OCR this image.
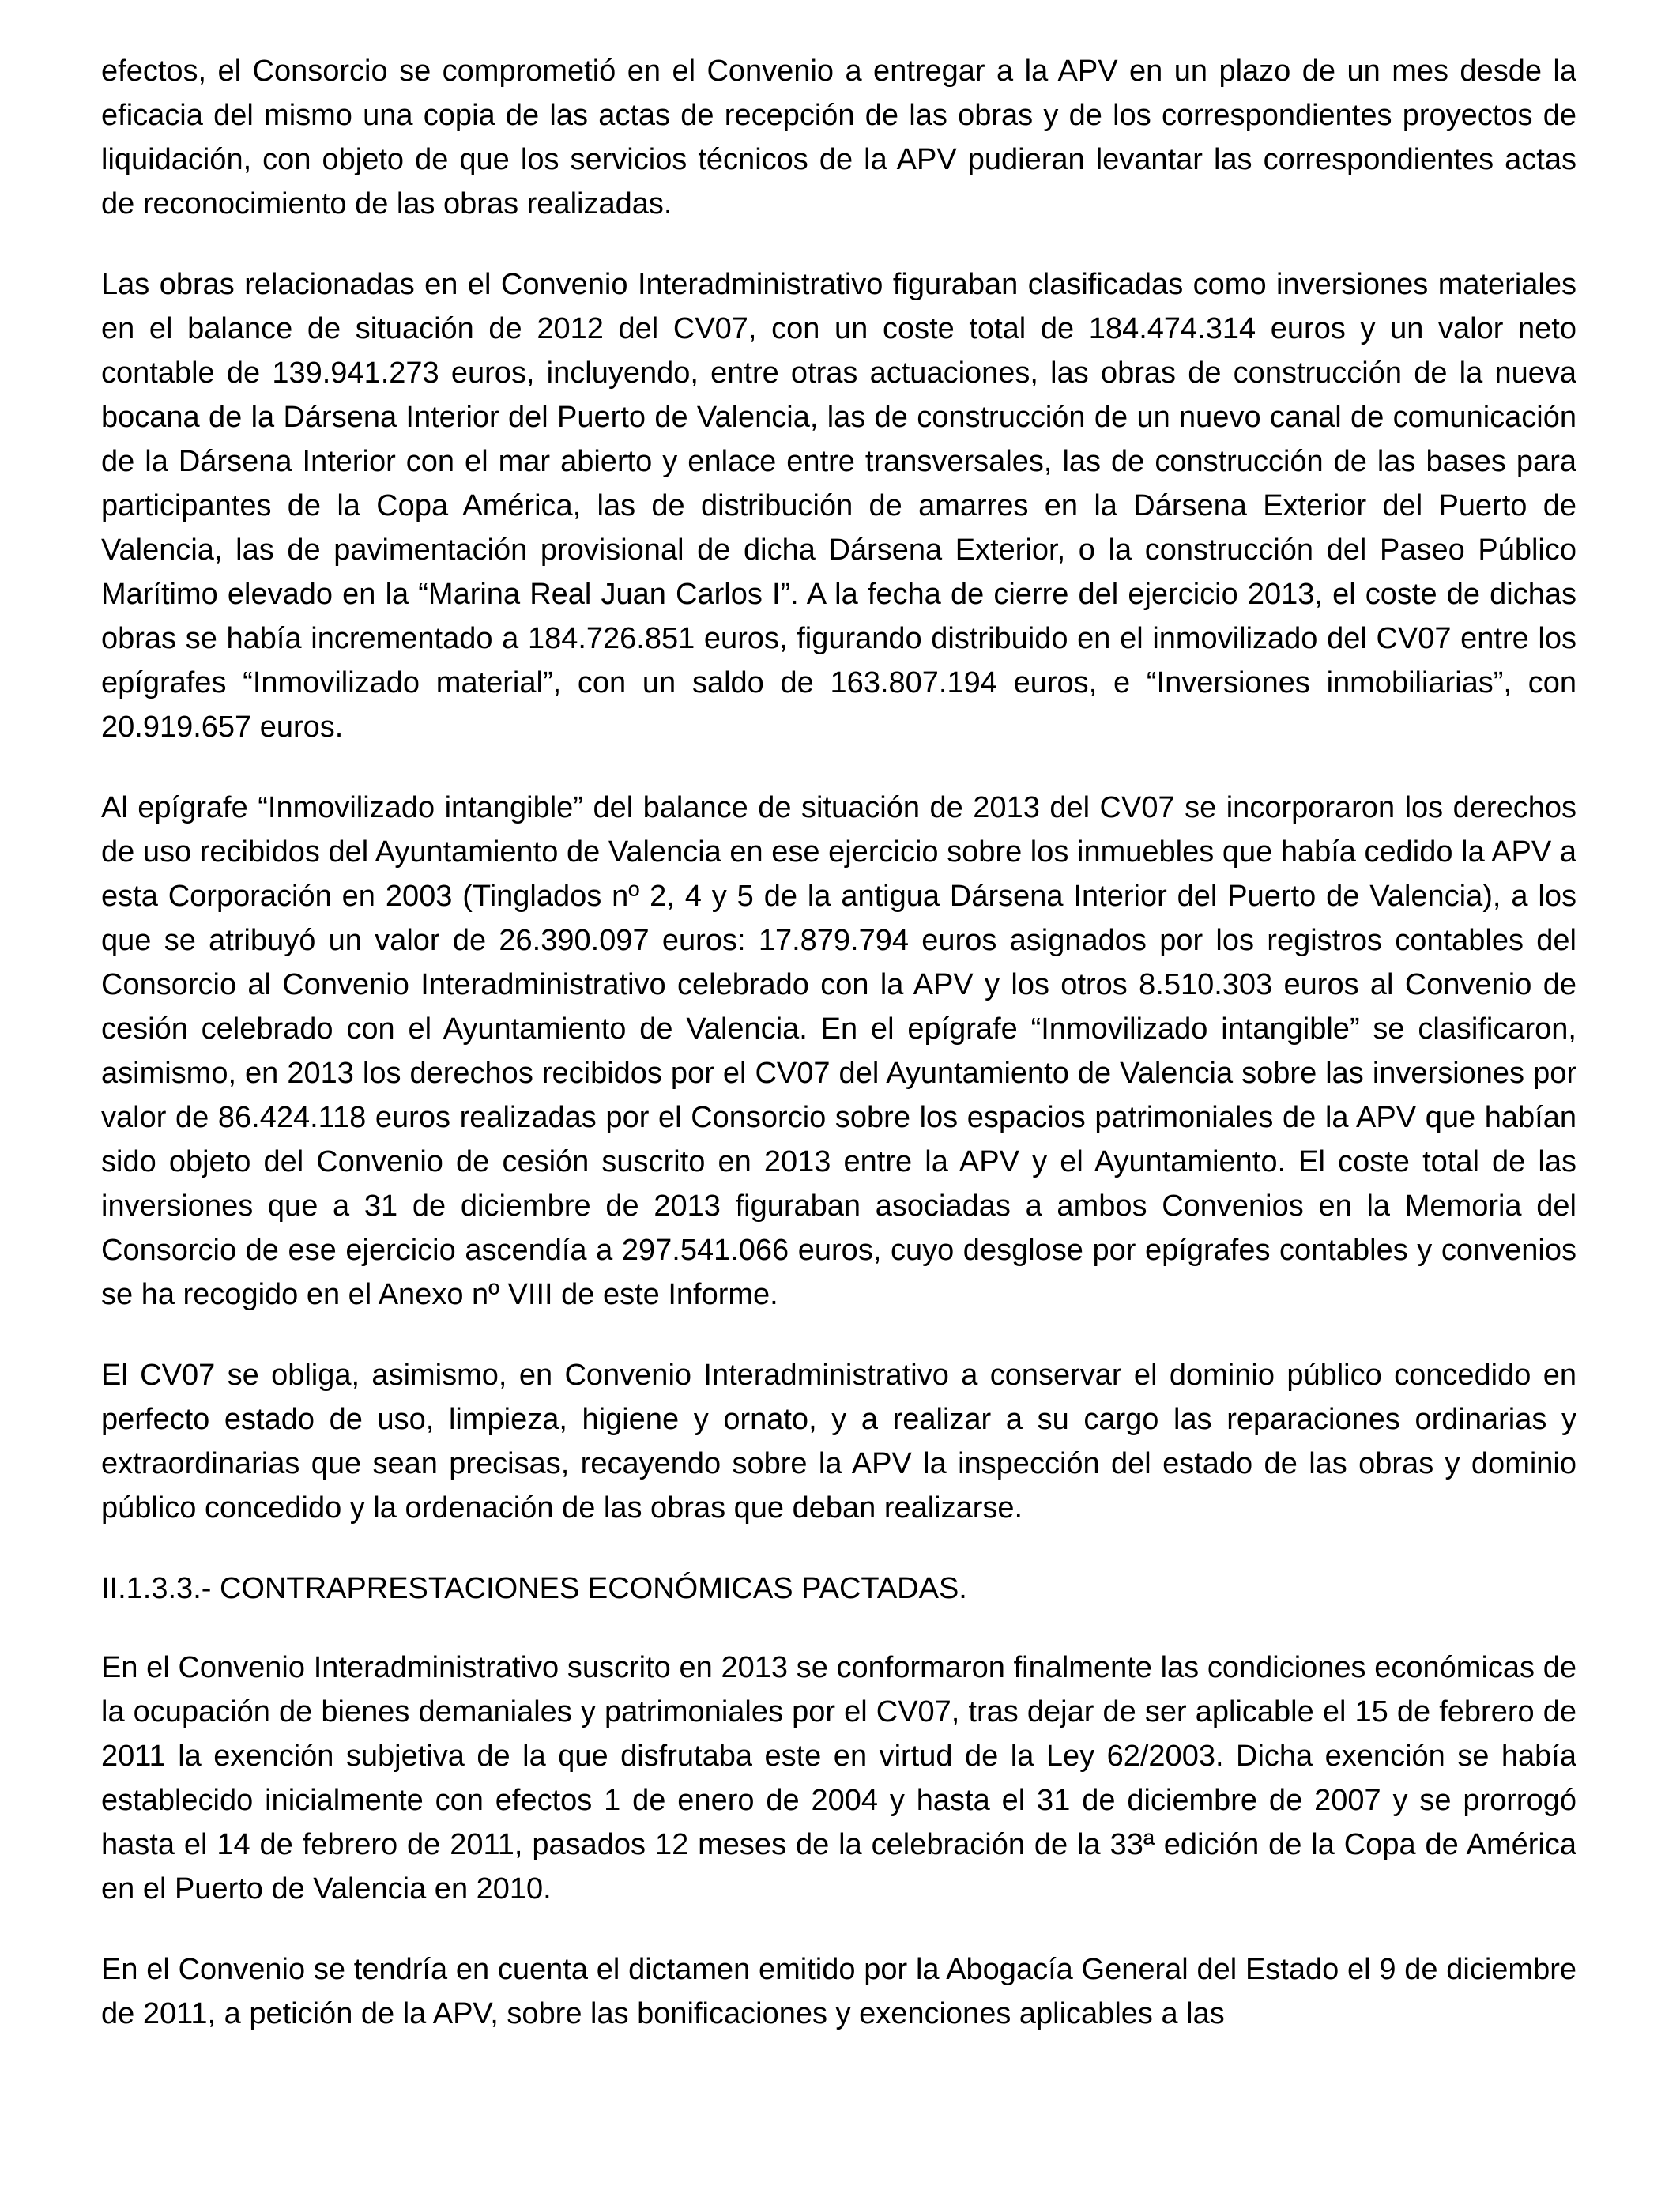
efectos, el Consorcio se comprometió en el Convenio a entregar a la APV en un plazo de un mes desde la eficacia del mismo una copia de las actas de recepción de las obras y de los correspondientes proyectos de liquidación, con objeto de que los servicios técnicos de la APV pudieran levantar las correspondientes actas de reconocimiento de las obras realizadas.

Las obras relacionadas en el Convenio Interadministrativo figuraban clasificadas como inversiones materiales en el balance de situación de 2012 del CV07, con un coste total de 184.474.314 euros y un valor neto contable de 139.941.273 euros, incluyendo, entre otras actuaciones, las obras de construcción de la nueva bocana de la Dársena Interior del Puerto de Valencia, las de construcción de un nuevo canal de comunicación de la Dársena Interior con el mar abierto y enlace entre transversales, las de construcción de las bases para participantes de la Copa América, las de distribución de amarres en la Dársena Exterior del Puerto de Valencia, las de pavimentación provisional de dicha Dársena Exterior, o la construcción del Paseo Público Marítimo elevado en la “Marina Real Juan Carlos I”. A la fecha de cierre del ejercicio 2013, el coste de dichas obras se había incrementado a 184.726.851 euros, figurando distribuido en el inmovilizado del CV07 entre los epígrafes “Inmovilizado material”, con un saldo de 163.807.194 euros, e “Inversiones inmobiliarias”, con 20.919.657 euros.

Al epígrafe “Inmovilizado intangible” del balance de situación de 2013 del CV07 se incorporaron los derechos de uso recibidos del Ayuntamiento de Valencia en ese ejercicio sobre los inmuebles que había cedido la APV a esta Corporación en 2003 (Tinglados nº 2, 4 y 5 de la antigua Dársena Interior del Puerto de Valencia), a los que se atribuyó un valor de 26.390.097 euros: 17.879.794 euros asignados por los registros contables del Consorcio al Convenio Interadministrativo celebrado con la APV y los otros 8.510.303 euros al Convenio de cesión celebrado con el Ayuntamiento de Valencia. En el epígrafe “Inmovilizado intangible” se clasificaron, asimismo, en 2013 los derechos recibidos por el CV07 del Ayuntamiento de Valencia sobre las inversiones por valor de 86.424.118 euros realizadas por el Consorcio sobre los espacios patrimoniales de la APV que habían sido objeto del Convenio de cesión suscrito en 2013 entre la APV y el Ayuntamiento. El coste total de las inversiones que a 31 de diciembre de 2013 figuraban asociadas a ambos Convenios en la Memoria del Consorcio de ese ejercicio ascendía a 297.541.066 euros, cuyo desglose por epígrafes contables y convenios se ha recogido en el Anexo nº VIII de este Informe.

El CV07 se obliga, asimismo, en Convenio Interadministrativo a conservar el dominio público concedido en perfecto estado de uso, limpieza, higiene y ornato, y a realizar a su cargo las reparaciones ordinarias y extraordinarias que sean precisas, recayendo sobre la APV la inspección del estado de las obras y dominio público concedido y la ordenación de las obras que deban realizarse.

II.1.3.3.- CONTRAPRESTACIONES ECONÓMICAS PACTADAS.

En el Convenio Interadministrativo suscrito en 2013 se conformaron finalmente las condiciones económicas de la ocupación de bienes demaniales y patrimoniales por el CV07, tras dejar de ser aplicable el 15 de febrero de 2011 la exención subjetiva de la que disfrutaba este en virtud de la Ley 62/2003. Dicha exención se había establecido inicialmente con efectos 1 de enero de 2004 y hasta el 31 de diciembre de 2007 y se prorrogó hasta el 14 de febrero de 2011, pasados 12 meses de la celebración de la 33ª edición de la Copa de América en el Puerto de Valencia en 2010.

En el Convenio se tendría en cuenta el dictamen emitido por la Abogacía General del Estado el 9 de diciembre de 2011, a petición de la APV, sobre las bonificaciones y exenciones aplicables a las
